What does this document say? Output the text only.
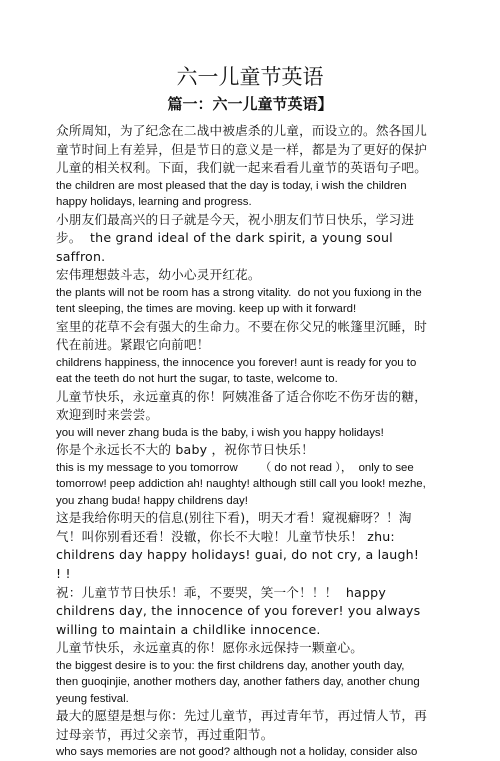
六一儿童节英语
篇一：六一儿童节英语】

众所周知，为了纪念在二战中被虐杀的儿童，而设立的。然各国儿童节时间上有差异，但是节日的意义是一样，都是为了更好的保护儿童的相关权利。下面，我们就一起来看看儿童节的英语句子吧。

the children are most pleased that the day is today, i wish the children happy holidays, learning and progress.

小朋友们最高兴的日子就是今天，祝小朋友们节日快乐，学习进步。  the grand ideal of the dark spirit, a young soul saffron.

宏伟理想鼓斗志，幼小心灵开红花。

the plants will not be room has a strong vitality.  do not you fuxiong in the tent sleeping, the times are moving. keep up with it forward!

室里的花草不会有强大的生命力。不要在你父兄的帐篷里沉睡，时代在前进。紧跟它向前吧！

childrens happiness, the innocence you forever! aunt is ready for you to eat the teeth do not hurt the sugar, to taste, welcome to.

儿童节快乐，永远童真的你！阿姨准备了适合你吃不伤牙齿的糖，欢迎到时来尝尝。

you will never zhang buda is the baby, i wish you happy holidays!

你是个永远长不大的 baby ，祝你节日快乐！

this is my message to you tomorrow       （ do not read ），  only to see tomorrow! peep addiction ah! naughty! although still call you look! mezhe, you zhang buda! happy childrens day!

这是我给你明天的信息(别往下看)，明天才看！窥视癖呀？！淘气！叫你别看还看！没辙，你长不大啦！儿童节快乐！ zhu: childrens day happy holidays! guai, do not cry, a laugh! ! !

祝：儿童节节日快乐！乖，不要哭，笑一个！！！  happy childrens day, the innocence of you forever! you always willing to maintain a childlike innocence.

儿童节快乐，永远童真的你！愿你永远保持一颗童心。

the biggest desire is to you: the first childrens day, another youth day, then guoqinjie, another mothers day, another fathers day, another chung yeung festival.

最大的愿望是想与你：先过儿童节，再过青年节，再过情人节，再过母亲节，再过父亲节，再过重阳节。

who says memories are not good? although not a holiday, consider also
